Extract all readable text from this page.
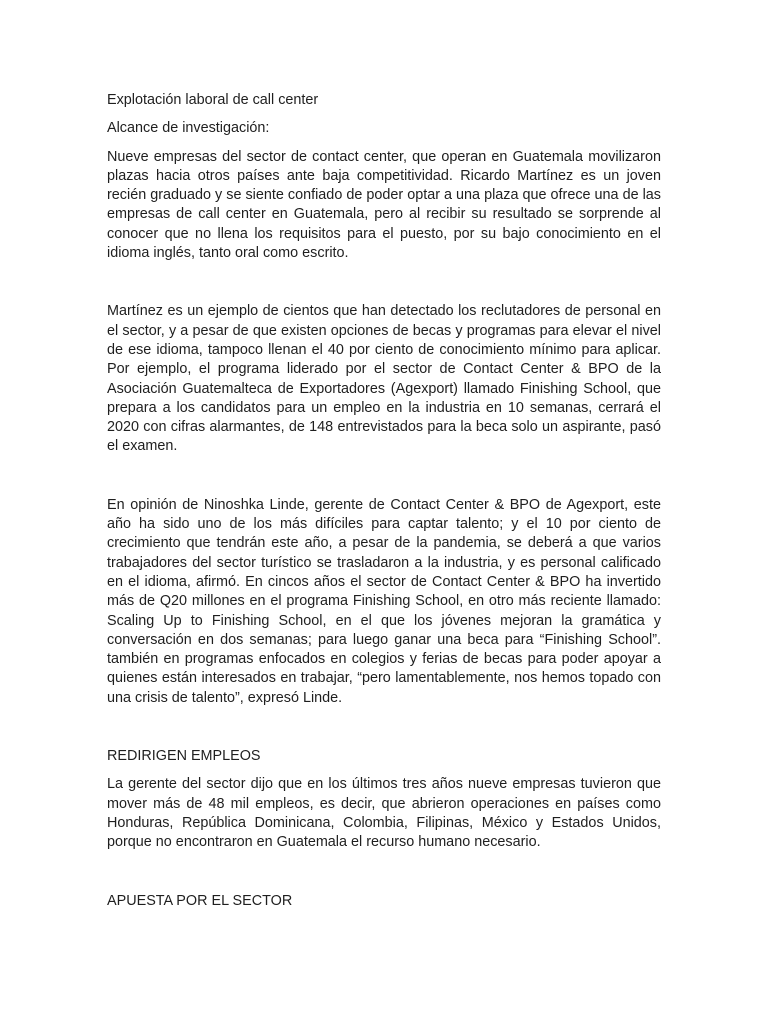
Explotación laboral de call center
Alcance de investigación:

Nueve empresas del sector de contact center, que operan en Guatemala movilizaron plazas hacia otros países ante baja competitividad. Ricardo Martínez es un joven recién graduado y se siente confiado de poder optar a una plaza que ofrece una de las empresas de call center en Guatemala, pero al recibir su resultado se sorprende al conocer que no llena los requisitos para el puesto, por su bajo conocimiento en el idioma inglés, tanto oral como escrito.

Martínez es un ejemplo de cientos que han detectado los reclutadores de personal en el sector, y a pesar de que existen opciones de becas y programas para elevar el nivel de ese idioma, tampoco llenan el 40 por ciento de conocimiento mínimo para aplicar. Por ejemplo, el programa liderado por el sector de Contact Center & BPO de la Asociación Guatemalteca de Exportadores (Agexport) llamado Finishing School, que prepara a los candidatos para un empleo en la industria en 10 semanas, cerrará el 2020 con cifras alarmantes, de 148 entrevistados para la beca solo un aspirante, pasó el examen.

En opinión de Ninoshka Linde, gerente de Contact Center & BPO de Agexport, este año ha sido uno de los más difíciles para captar talento; y el 10 por ciento de crecimiento que tendrán este año, a pesar de la pandemia, se deberá a que varios trabajadores del sector turístico se trasladaron a la industria, y es personal calificado en el idioma, afirmó. En cincos años el sector de Contact Center & BPO ha invertido más de Q20 millones en el programa Finishing School, en otro más reciente llamado: Scaling Up to Finishing School, en el que los jóvenes mejoran la gramática y conversación en dos semanas; para luego ganar una beca para “Finishing School”. también en programas enfocados en colegios y ferias de becas para poder apoyar a quienes están interesados en trabajar, “pero lamentablemente, nos hemos topado con una crisis de talento”, expresó Linde.

REDIRIGEN EMPLEOS

La gerente del sector dijo que en los últimos tres años nueve empresas tuvieron que mover más de 48 mil empleos, es decir, que abrieron operaciones en países como Honduras, República Dominicana, Colombia, Filipinas, México y Estados Unidos, porque no encontraron en Guatemala el recurso humano necesario.

APUESTA POR EL SECTOR
